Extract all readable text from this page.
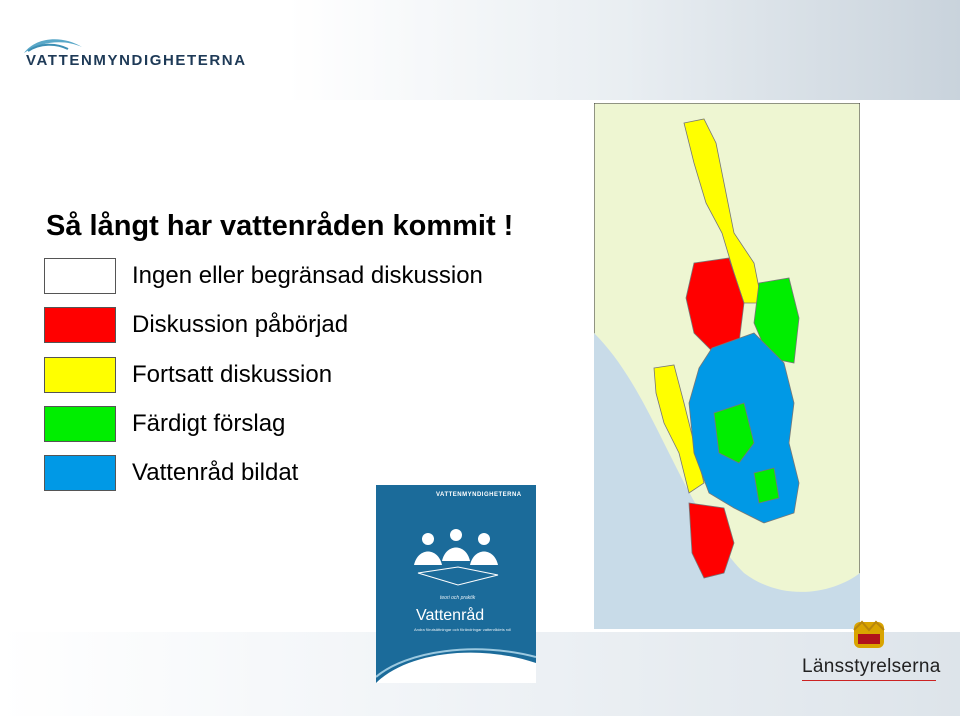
VATTENMYNDIGHETERNA
Så långt har vattenråden kommit !
Ingen eller begränsad diskussion
Diskussion påbörjad
Fortsatt diskussion
Färdigt förslag
Vattenråd bildat
VATTENMYNDIGHETERNA
teori och praktik
Vattenråd
Andra förutsättningar och förändringar vattenrådets roll
Länsstyrelserna
